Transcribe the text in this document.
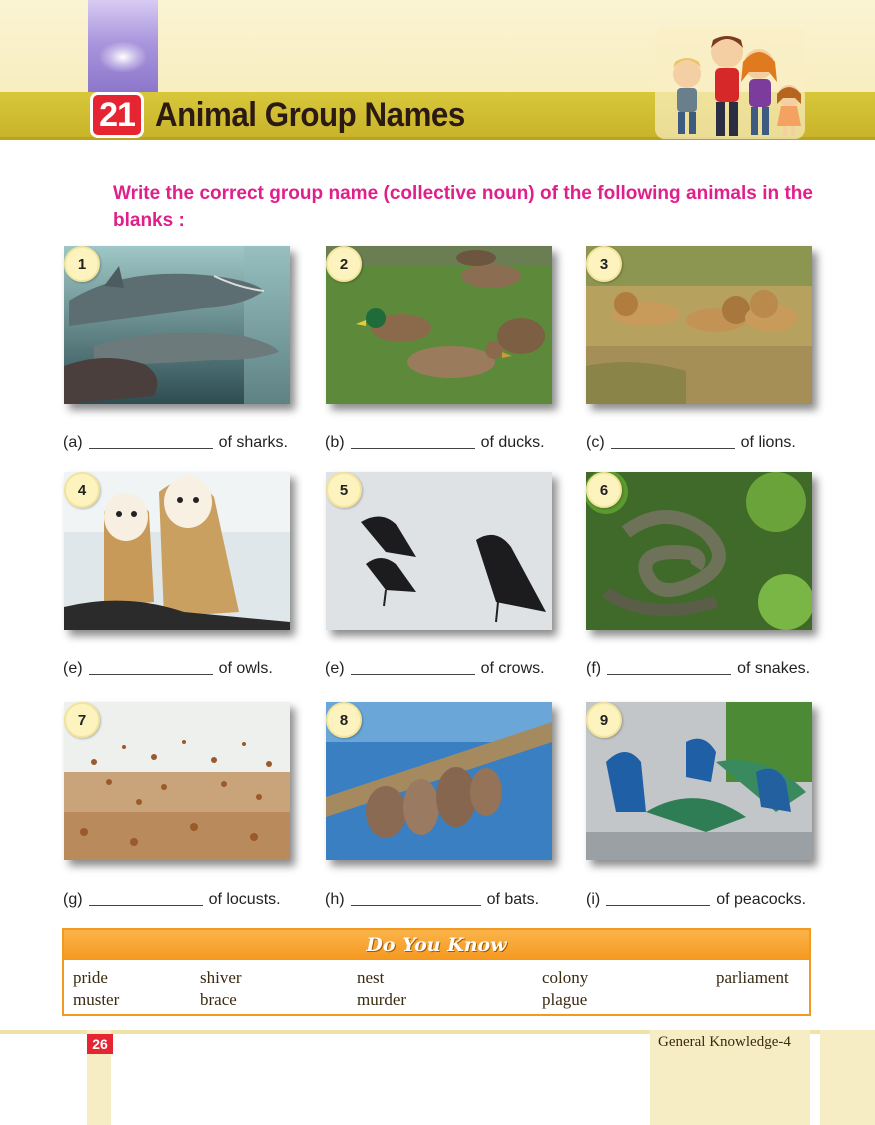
21 Animal Group Names
Write the correct group name (collective noun) of the following animals in the blanks :
1	2	3
(a)	of sharks. (b)	of ducks.	(c)	of lions.
4	5	6
(e)	of owls.	(e)	of crows.	(f)	of snakes.
7	8	9
(g)	of locusts.	(h)	of bats.	(i)	of peacocks.
Do You Know
pride	shiver	nest	colony	parliament
muster	brace	murder	plague
26	General Knowledge-4
